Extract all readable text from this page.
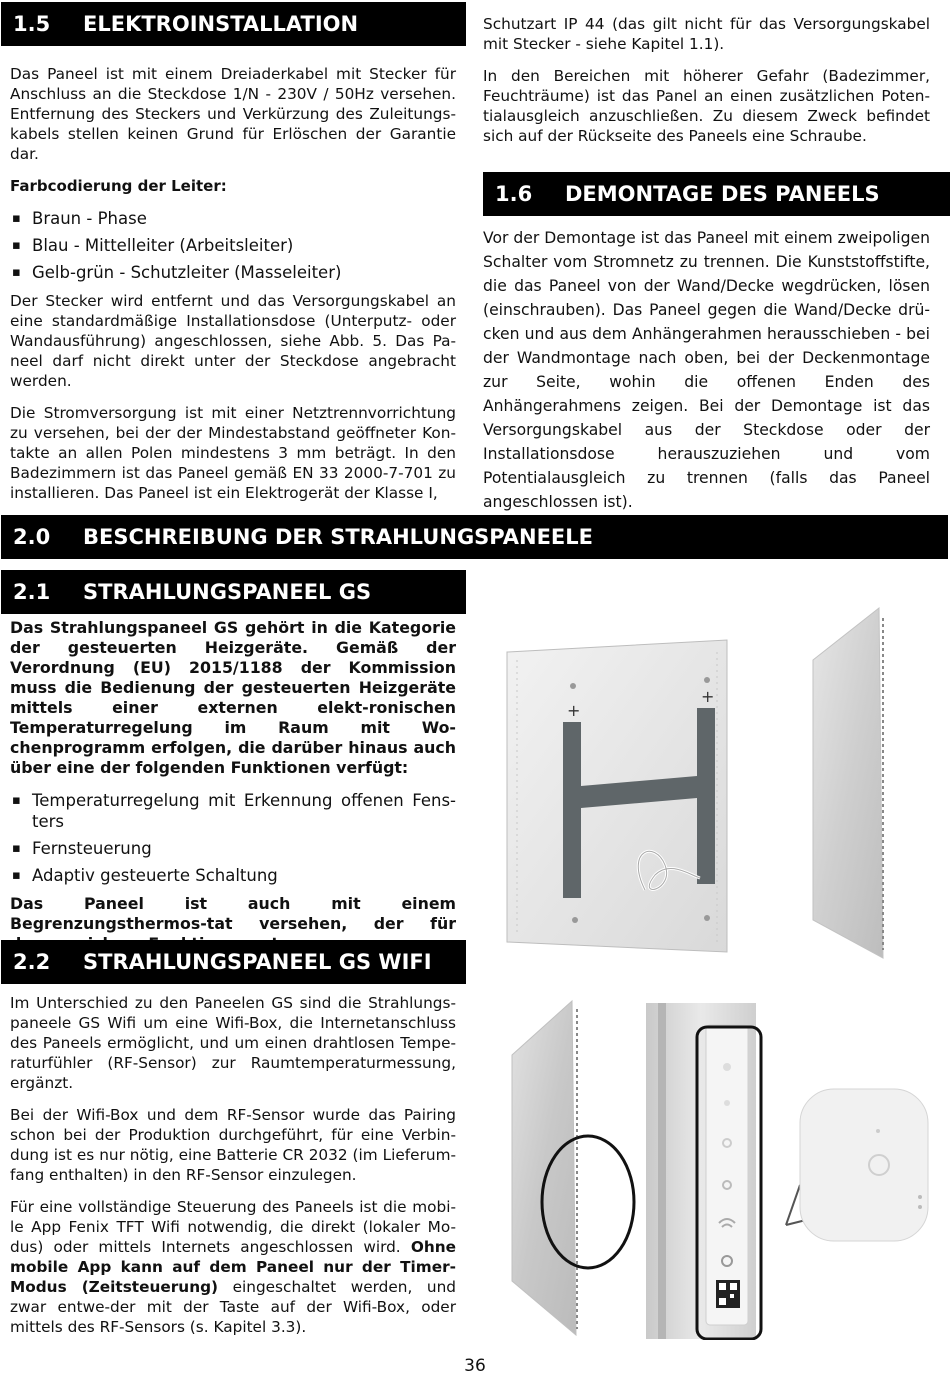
1.5	ELEKTROINSTALLATION

Das Paneel ist mit einem Dreiaderkabel mit Stecker für Anschluss an die Steckdose 1/N - 230V / 50Hz versehen. Entfernung des Steckers und Verkürzung des Zuleitungs-kabels stellen keinen Grund für Erlöschen der Garantie dar.

Farbcodierung der Leiter:

▪ Braun - Phase
▪ Blau - Mittelleiter (Arbeitsleiter)
▪ Gelb-grün - Schutzleiter (Masseleiter)

Der Stecker wird entfernt und das Versorgungskabel an eine standardmäßige Installationsdose (Unterputz- oder Wandausführung) angeschlossen, siehe Abb. 5. Das Pa-neel darf nicht direkt unter der Steckdose angebracht werden.

Die Stromversorgung ist mit einer Netztrennvorrichtung zu versehen, bei der der Mindestabstand geöffneter Kon-takte an allen Polen mindestens 3 mm beträgt. In den Badezimmern ist das Paneel gemäß EN 33 2000-7-701 zu installieren. Das Paneel ist ein Elektrogerät der Klasse I,

Schutzart IP 44 (das gilt nicht für das Versorgungskabel mit Stecker - siehe Kapitel 1.1).

In den Bereichen mit höherer Gefahr (Badezimmer, Feuchträume) ist das Panel an einen zusätzlichen Poten-tialausgleich anzuschließen. Zu diesem Zweck befindet sich auf der Rückseite des Paneels eine Schraube.

1.6	DEMONTAGE DES PANEELS

Vor der Demontage ist das Paneel mit einem zweipoligen Schalter vom Stromnetz zu trennen. Die Kunststoffstifte, die das Paneel von der Wand/Decke wegdrücken, lösen (einschrauben). Das Paneel gegen die Wand/Decke drü-cken und aus dem Anhängerahmen herausschieben - bei der Wandmontage nach oben, bei der Deckenmontage zur Seite, wohin die offenen Enden des Anhängerahmens zeigen. Bei der Demontage ist das Versorgungskabel aus der Steckdose oder der Installationsdose herauszuziehen und vom Potentialausgleich zu trennen (falls das Paneel angeschlossen ist).

2.0	BESCHREIBUNG DER STRAHLUNGSPANEELE
2.1	STRAHLUNGSPANEEL GS

Das Strahlungspaneel GS gehört in die Kategorie der gesteuerten Heizgeräte. Gemäß der Verordnung (EU) 2015/1188 der Kommission muss die Bedienung der gesteuerten Heizgeräte mittels einer externen elekt-ronischen Temperaturregelung im Raum mit Wo-chenprogramm erfolgen, die darüber hinaus auch über eine der folgenden Funktionen verfügt:

▪ Temperaturregelung mit Erkennung offenen Fens-ters
▪ Fernsteuerung
▪ Adaptiv gesteuerte Schaltung

Das Paneel ist auch mit einem Begrenzungsthermos-tat versehen, der für

2.2	STRAHLUNGSPANEEL GS WIFI

Im Unterschied zu den Paneelen GS sind die Strahlungs-paneele GS Wifi um eine Wifi-Box, die Internetanschluss des Paneels ermöglicht, und um einen drahtlosen Tempe-raturfühler (RF-Sensor) zur Raumtemperaturmessung, ergänzt.

Bei der Wifi-Box und dem RF-Sensor wurde das Pairing schon bei der Produktion durchgeführt, für eine Verbin-dung ist es nur nötig, eine Batterie CR 2032 (im Lieferum-fang enthalten) in den RF-Sensor einzulegen.

Für eine vollständige Steuerung des Paneels ist die mobi-le App Fenix TFT Wifi notwendig, die direkt (lokaler Mo-dus) oder mittels Internets angeschlossen wird. Ohne mobile App kann auf dem Paneel nur der Timer-Modus (Zeitsteuerung) eingeschaltet werden, und zwar entwe-der mit der Taste auf der Wifi-Box, oder mittels des RF-Sensors (s. Kapitel 3.3).

+
+
36
